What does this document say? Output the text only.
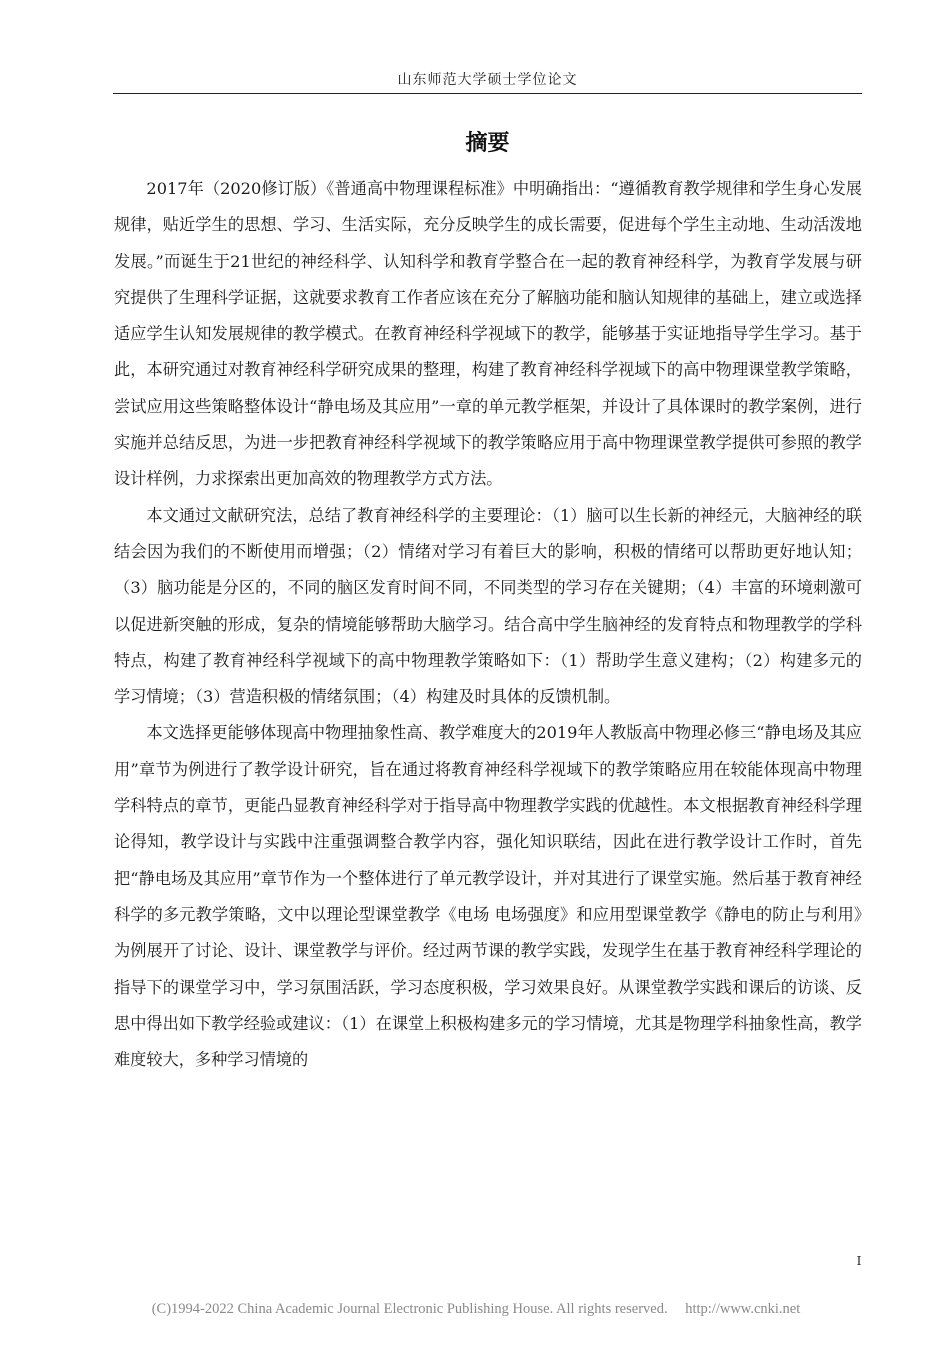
山东师范大学硕士学位论文
摘要

2017年（2020修订版）《普通高中物理课程标准》中明确指出：“遵循教育教学规律和学生身心发展规律，贴近学生的思想、学习、生活实际，充分反映学生的成长需要，促进每个学生主动地、生动活泼地发展。”而诞生于21世纪的神经科学、认知科学和教育学整合在一起的教育神经科学，为教育学发展与研究提供了生理科学证据，这就要求教育工作者应该在充分了解脑功能和脑认知规律的基础上，建立或选择适应学生认知发展规律的教学模式。在教育神经科学视域下的教学，能够基于实证地指导学生学习。基于此，本研究通过对教育神经科学研究成果的整理，构建了教育神经科学视域下的高中物理课堂教学策略，尝试应用这些策略整体设计“静电场及其应用”一章的单元教学框架，并设计了具体课时的教学案例，进行实施并总结反思，为进一步把教育神经科学视域下的教学策略应用于高中物理课堂教学提供可参照的教学设计样例，力求探索出更加高效的物理教学方式方法。

本文通过文献研究法，总结了教育神经科学的主要理论：（1）脑可以生长新的神经元，大脑神经的联结会因为我们的不断使用而增强；（2）情绪对学习有着巨大的影响，积极的情绪可以帮助更好地认知；（3）脑功能是分区的，不同的脑区发育时间不同，不同类型的学习存在关键期；（4）丰富的环境刺激可以促进新突触的形成，复杂的情境能够帮助大脑学习。结合高中学生脑神经的发育特点和物理教学的学科特点，构建了教育神经科学视域下的高中物理教学策略如下：（1）帮助学生意义建构；（2）构建多元的学习情境；（3）营造积极的情绪氛围；（4）构建及时具体的反馈机制。

本文选择更能够体现高中物理抽象性高、教学难度大的2019年人教版高中物理必修三“静电场及其应用”章节为例进行了教学设计研究，旨在通过将教育神经科学视域下的教学策略应用在较能体现高中物理学科特点的章节，更能凸显教育神经科学对于指导高中物理教学实践的优越性。本文根据教育神经科学理论得知，教学设计与实践中注重强调整合教学内容，强化知识联结，因此在进行教学设计工作时，首先把“静电场及其应用”章节作为一个整体进行了单元教学设计，并对其进行了课堂实施。然后基于教育神经科学的多元教学策略，文中以理论型课堂教学《电场 电场强度》和应用型课堂教学《静电的防止与利用》为例展开了讨论、设计、课堂教学与评价。经过两节课的教学实践，发现学生在基于教育神经科学理论的指导下的课堂学习中，学习氛围活跃，学习态度积极，学习效果良好。从课堂教学实践和课后的访谈、反思中得出如下教学经验或建议：（1）在课堂上积极构建多元的学习情境，尤其是物理学科抽象性高，教学难度较大，多种学习情境的

I
(C)1994-2022 China Academic Journal Electronic Publishing House. All rights reserved. http://www.cnki.net
